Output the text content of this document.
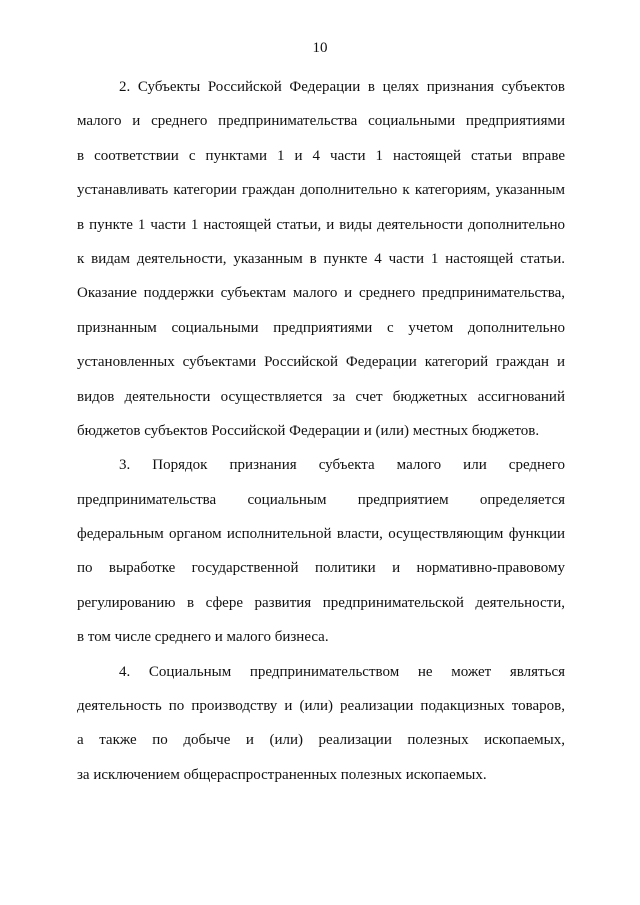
10

2. Субъекты Российской Федерации в целях признания субъектов
малого и среднего предпринимательства социальными предприятиями
в соответствии с пунктами 1 и 4 части 1 настоящей статьи вправе
устанавливать категории граждан дополнительно к категориям, указанным
в пункте 1 части 1 настоящей статьи, и виды деятельности дополнительно
к видам деятельности, указанным в пункте 4 части 1 настоящей статьи.
Оказание поддержки субъектам малого и среднего предпринимательства,
признанным социальными предприятиями с учетом дополнительно
установленных субъектами Российской Федерации категорий граждан и
видов деятельности осуществляется за счет бюджетных ассигнований
бюджетов субъектов Российской Федерации и (или) местных бюджетов.

3. Порядок признания субъекта малого или среднего
предпринимательства социальным предприятием определяется
федеральным органом исполнительной власти, осуществляющим функции
по выработке государственной политики и нормативно-правовому
регулированию в сфере развития предпринимательской деятельности,
в том числе среднего и малого бизнеса.

4. Социальным предпринимательством не может являться
деятельность по производству и (или) реализации подакцизных товаров,
а также по добыче и (или) реализации полезных ископаемых,
за исключением общераспространенных полезных ископаемых.
